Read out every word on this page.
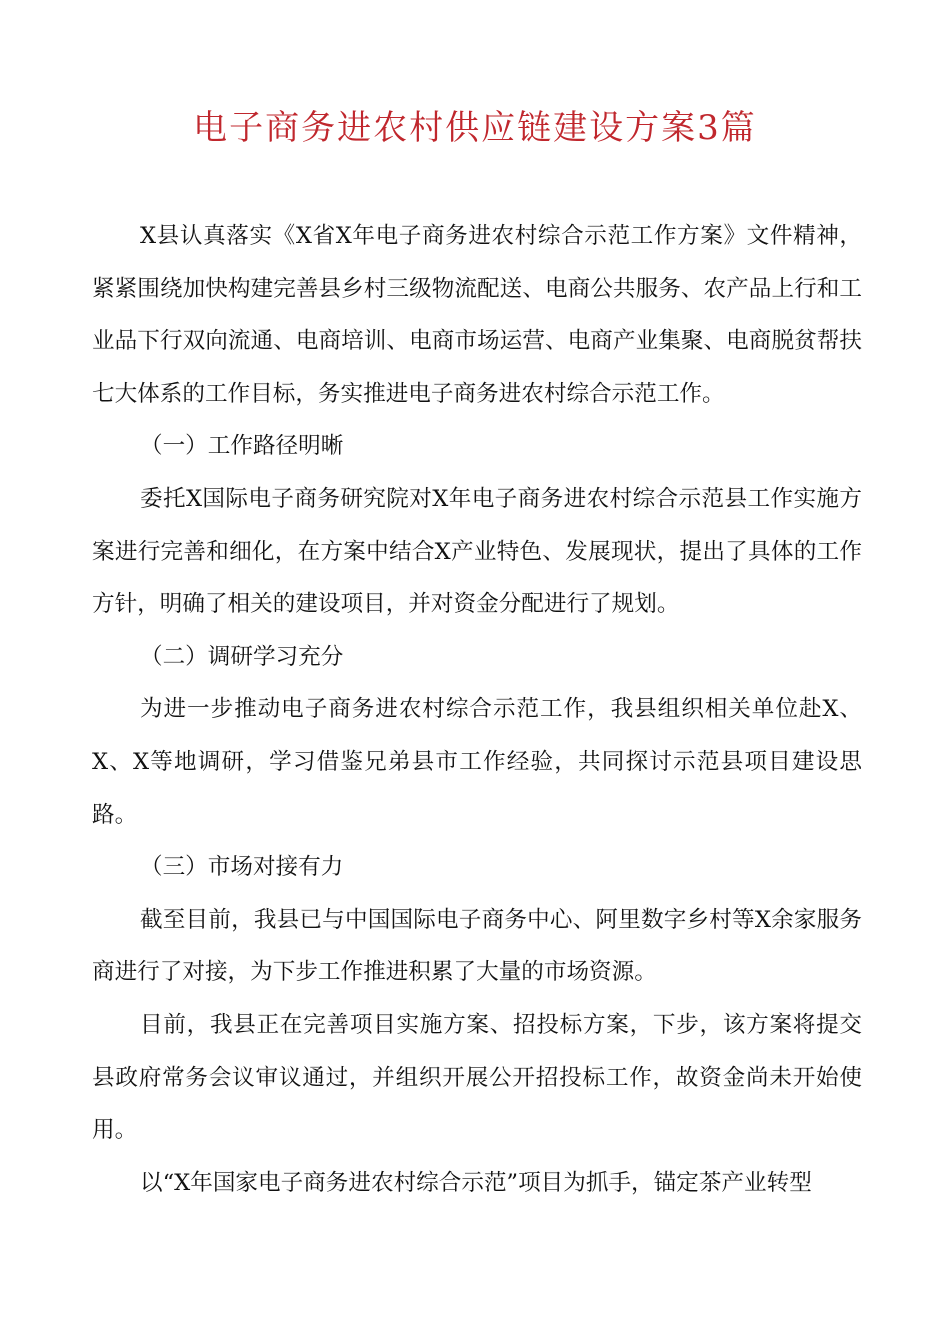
电子商务进农村供应链建设方案3篇

X县认真落实《X省X年电子商务进农村综合示范工作方案》文件精神，紧紧围绕加快构建完善县乡村三级物流配送、电商公共服务、农产品上行和工业品下行双向流通、电商培训、电商市场运营、电商产业集聚、电商脱贫帮扶七大体系的工作目标，务实推进电子商务进农村综合示范工作。

（一）工作路径明晰

委托X国际电子商务研究院对X年电子商务进农村综合示范县工作实施方案进行完善和细化，在方案中结合X产业特色、发展现状，提出了具体的工作方针，明确了相关的建设项目，并对资金分配进行了规划。

（二）调研学习充分

为进一步推动电子商务进农村综合示范工作，我县组织相关单位赴X、X、X等地调研，学习借鉴兄弟县市工作经验，共同探讨示范县项目建设思路。

（三）市场对接有力

截至目前，我县已与中国国际电子商务中心、阿里数字乡村等X余家服务商进行了对接，为下步工作推进积累了大量的市场资源。

目前，我县正在完善项目实施方案、招投标方案，下步，该方案将提交县政府常务会议审议通过，并组织开展公开招投标工作，故资金尚未开始使用。

以“X年国家电子商务进农村综合示范”项目为抓手，锚定茶产业转型
